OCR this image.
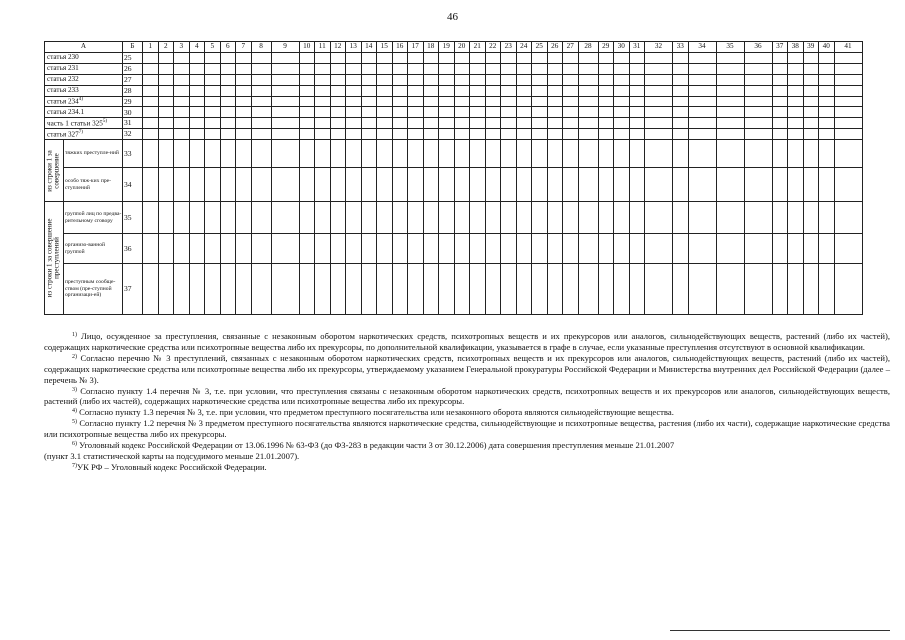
46
А		Б	1	2	3	4	5	6	7	8	9	10	11	12	13	14	15	16	17	18	19	20	21	22	23	24	25	26	27	28	29	30	31	32	33	34	35	36	37	38	39	40	41
статья 230		25																																									
статья 231		26																																									
статья 232		27																																									
статья 233		28																																									
статья 234$^{4)}$		29																																									
статья 234.1		30																																									
часть 1 статьи 325$^{5)}$		31																																									
статья 327$^{7)}$		32																																									

из строки 1 за совершение	тяжких преступле-ний	33																																									
	особо тяж-ких пре-ступлений	34																																									

из строки 1 за совершение преступлений	группой лиц по предва-рительному сговору	35																																									
	организо-ванной группой	36																																									
	преступным сообще-ством (пре-ступной организаци-ей)	37																																									

$^{1)}$ Лицо, осужденное за преступления, связанные с незаконным оборотом наркотических средств, психотропных веществ и их прекурсоров или аналогов, сильнодействующих веществ, растений (либо их частей), содержащих наркотические средства или психотропные вещества либо их прекурсоры, по дополнительной квалификации, указывается в графе в случае, если указанные преступления отсутствуют в основной квалификации.

$^{2)}$ Согласно перечню № 3 преступлений, связанных с незаконным оборотом наркотических средств, психотропных веществ и их прекурсоров или аналогов, сильнодействующих веществ, растений (либо их частей), содержащих наркотические средства или психотропные вещества либо их прекурсоры, утверждаемому указанием Генеральной прокуратуры Российской Федерации и Министерства внутренних дел Российской Федерации (далее – перечень № 3).

$^{3)}$ Согласно пункту 1.4 перечня № 3, т.е. при условии, что преступления связаны с незаконным оборотом наркотических средств, психотропных веществ и их прекурсоров или аналогов, сильнодействующих веществ, растений (либо их частей), содержащих наркотические средства или психотропные вещества либо их прекурсоры.

$^{4)}$ Согласно пункту 1.3 перечня № 3, т.е. при условии, что предметом преступного посягательства или незаконного оборота являются сильнодействующие вещества.

$^{5)}$ Согласно пункту 1.2 перечня № 3 предметом преступного посягательства являются наркотические средства, сильнодействующие и психотропные вещества, растения (либо их части), содержащие наркотические средства или психотропные вещества либо их прекурсоры.

$^{6)}$ Уголовный кодекс Российской Федерации от 13.06.1996 № 63-ФЗ (до ФЗ-283 в редакции части 3 от 30.12.2006) дата совершения преступления меньше 21.01.2007

(пункт 3.1 статистической карты на подсудимого меньше 21.01.2007).

$^{7)}$УК РФ – Уголовный кодекс Российской Федерации.
